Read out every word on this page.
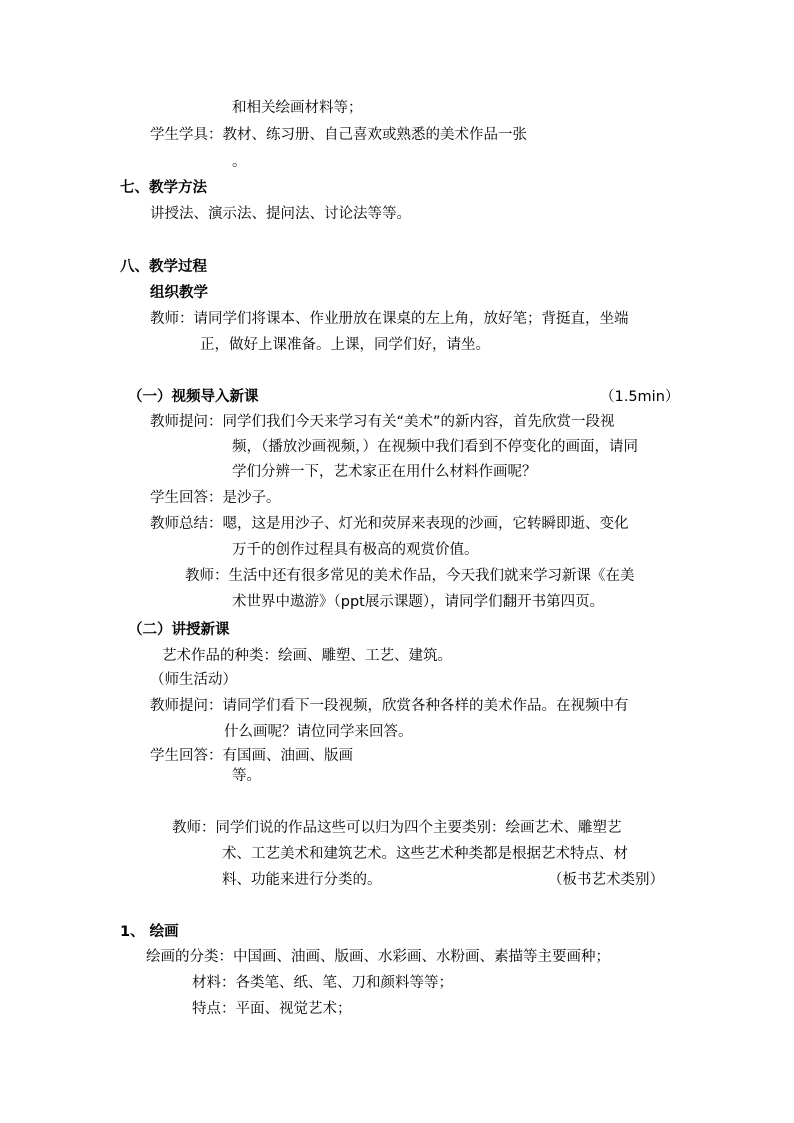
和相关绘画材料等；
学生学具：教材、练习册、自己喜欢或熟悉的美术作品一张
。
七、教学方法
讲授法、演示法、提问法、讨论法等等。
八、教学过程
组织教学
教师：请同学们将课本、作业册放在课桌的左上角，放好笔；背挺直，坐端
正，做好上课准备。上课，同学们好，请坐。
（一）视频导入新课	（1.5min）
教师提问：同学们我们今天来学习有关“美术”的新内容，首先欣赏一段视
频，（播放沙画视频，）在视频中我们看到不停变化的画面，请同
学们分辨一下，艺术家正在用什么材料作画呢？
学生回答：是沙子。
教师总结：嗯，这是用沙子、灯光和荧屏来表现的沙画，它转瞬即逝、变化
万千的创作过程具有极高的观赏价值。
教师：生活中还有很多常见的美术作品，今天我们就来学习新课《在美
术世界中遨游》（ppt展示课题），请同学们翻开书第四页。
（二）讲授新课
艺术作品的种类：绘画、雕塑、工艺、建筑。
（师生活动）
教师提问：请同学们看下一段视频，欣赏各种各样的美术作品。在视频中有
什么画呢？请位同学来回答。
学生回答：有国画、油画、版画
等。
教师：同学们说的作品这些可以归为四个主要类别：绘画艺术、雕塑艺
术、工艺美术和建筑艺术。这些艺术种类都是根据艺术特点、材
料、功能来进行分类的。	（板书艺术类别）
1、 绘画
绘画的分类：中国画、油画、版画、水彩画、水粉画、素描等主要画种；
材料：各类笔、纸、笔、刀和颜料等等；
特点：平面、视觉艺术；
